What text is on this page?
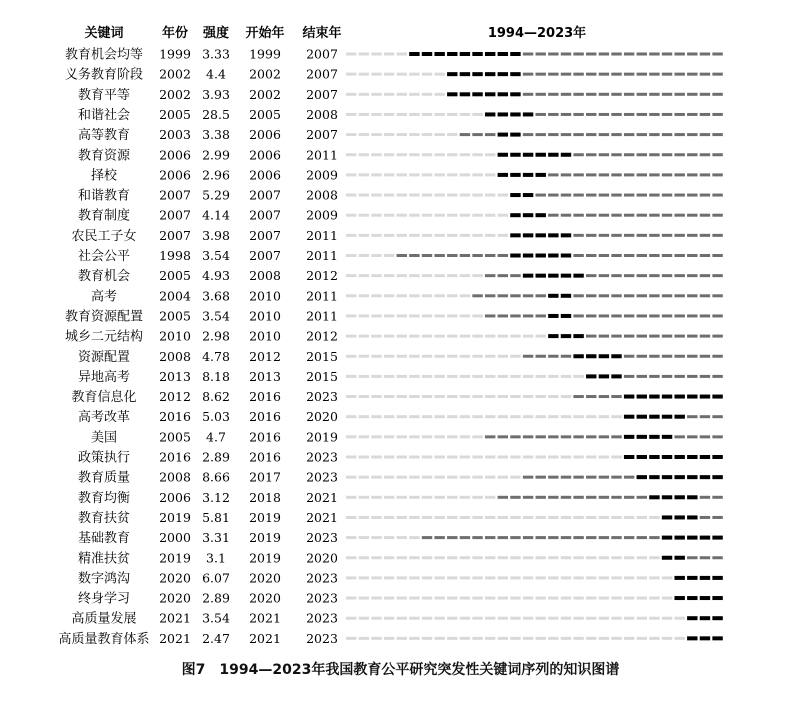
关键词	年份 强度 开始年 结束年	1994—2023年
教育机会均等 1999 3.33 1999 2007
义务教育阶段 2002 4.4 2002 2007
教育平等 2002 3.93 2002 2007
和谐社会 2005 28.5 2005 2008
高等教育 2003 3.38 2006 2007
教育资源 2006 2.99 2006 2011
择校	2006 2.96 2006 2009
和谐教育 2007 5.29 2007 2008
教育制度 2007 4.14 2007 2009
农民工子女 2007 3.98 2007 2011
社会公平 1998 3.54 2007 2011
教育机会 2005 4.93 2008 2012
高考	2004 3.68 2010 2011
教育资源配置 2005 3.54 2010 2011
城乡二元结构 2010 2.98 2010 2012
资源配置 2008 4.78 2012 2015
异地高考 2013 8.18 2013 2015
教育信息化 2012 8.62 2016 2023
高考改革 2016 5.03 2016 2020
美国	2005 4.7 2016 2019
政策执行 2016 2.89 2016 2023
教育质量 2008 8.66 2017 2023
教育均衡 2006 3.12 2018 2021
教育扶贫 2019 5.81 2019 2021
基础教育 2000 3.31 2019 2023
精准扶贫 2019 3.1 2019 2020
数字鸿沟 2020 6.07 2020 2023
终身学习 2020 2.89 2020 2023
高质量发展 2021 3.54 2021 2023
高质量教育体系 2021 2.47 2021 2023
图7　1994—2023年我国教育公平研究突发性关键词序列的知识图谱
